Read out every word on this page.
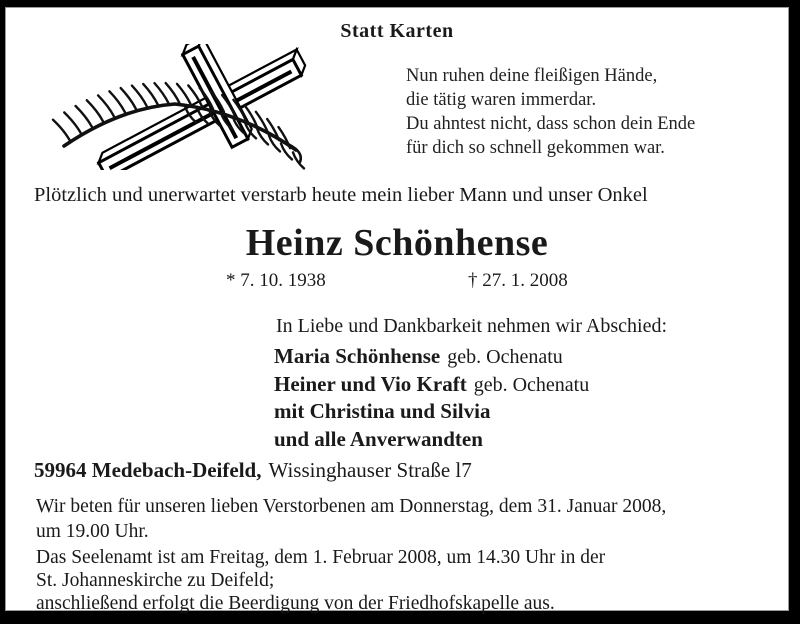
Statt Karten
Nun ruhen deine fleißigen Hände,
die tätig waren immerdar.
Du ahntest nicht, dass schon dein Ende
für dich so schnell gekommen war.
Plötzlich und unerwartet verstarb heute mein lieber Mann und unser Onkel
Heinz Schönhense
* 7. 10. 1938	† 27. 1. 2008
In Liebe und Dankbarkeit nehmen wir Abschied:
Maria Schönhense geb. Ochenatu
Heiner und Vio Kraft geb. Ochenatu
mit Christina und Silvia
und alle Anverwandten
59964 Medebach-Deifeld, Wissinghauser Straße l7
Wir beten für unseren lieben Verstorbenen am Donnerstag, dem 31. Januar 2008,
um 19.00 Uhr.
Das Seelenamt ist am Freitag, dem 1. Februar 2008, um 14.30 Uhr in der
St. Johanneskirche zu Deifeld;
anschließend erfolgt die Beerdigung von der Friedhofskapelle aus.
